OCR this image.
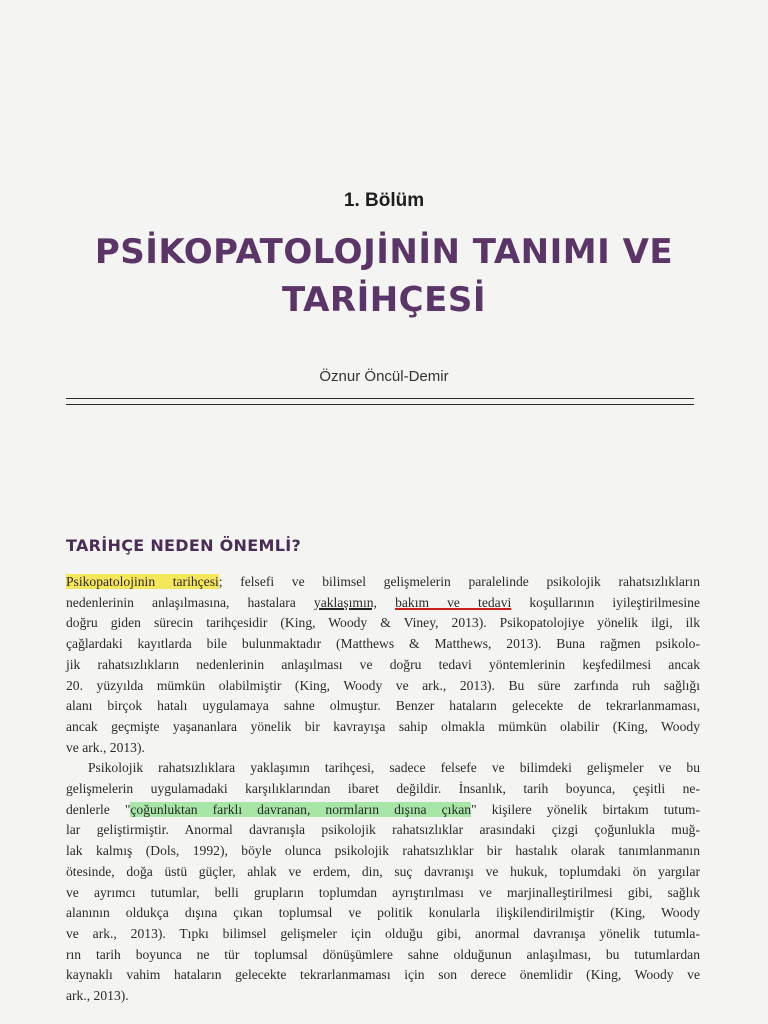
1. Bölüm
PSİKOPATOLOJİNİN TANIMI VE
TARİHÇESİ
Öznur Öncül-Demir
TARİHÇE NEDEN ÖNEMLİ?
Psikopatolojinin tarihçesi; felsefi ve bilimsel gelişmelerin paralelinde psikolojik rahatsızlıkların
nedenlerinin anlaşılmasına, hastalara yaklaşımın, bakım ve tedavi koşullarının iyileştirilmesine
doğru giden sürecin tarihçesidir (King, Woody & Viney, 2013). Psikopatolojiye yönelik ilgi, ilk
çağlardaki kayıtlarda bile bulunmaktadır (Matthews & Matthews, 2013). Buna rağmen psikolo-
jik rahatsızlıkların nedenlerinin anlaşılması ve doğru tedavi yöntemlerinin keşfedilmesi ancak
20. yüzyılda mümkün olabilmiştir (King, Woody ve ark., 2013). Bu süre zarfında ruh sağlığı
alanı birçok hatalı uygulamaya sahne olmuştur. Benzer hataların gelecekte de tekrarlanmaması,
ancak geçmişte yaşananlara yönelik bir kavrayışa sahip olmakla mümkün olabilir (King, Woody
ve ark., 2013).
Psikolojik rahatsızlıklara yaklaşımın tarihçesi, sadece felsefe ve bilimdeki gelişmeler ve bu
gelişmelerin uygulamadaki karşılıklarından ibaret değildir. İnsanlık, tarih boyunca, çeşitli ne-
denlerle "çoğunluktan farklı davranan, normların dışına çıkan" kişilere yönelik birtakım tutum-
lar geliştirmiştir. Anormal davranışla psikolojik rahatsızlıklar arasındaki çizgi çoğunlukla muğ-
lak kalmış (Dols, 1992), böyle olunca psikolojik rahatsızlıklar bir hastalık olarak tanımlanmanın
ötesinde, doğa üstü güçler, ahlak ve erdem, din, suç davranışı ve hukuk, toplumdaki ön yargılar
ve ayrımcı tutumlar, belli grupların toplumdan ayrıştırılması ve marjinalleştirilmesi gibi, sağlık
alanının oldukça dışına çıkan toplumsal ve politik konularla ilişkilendirilmiştir (King, Woody
ve ark., 2013). Tıpkı bilimsel gelişmeler için olduğu gibi, anormal davranışa yönelik tutumla-
rın tarih boyunca ne tür toplumsal dönüşümlere sahne olduğunun anlaşılması, bu tutumlardan
kaynaklı vahim hataların gelecekte tekrarlanmaması için son derece önemlidir (King, Woody ve
ark., 2013).
